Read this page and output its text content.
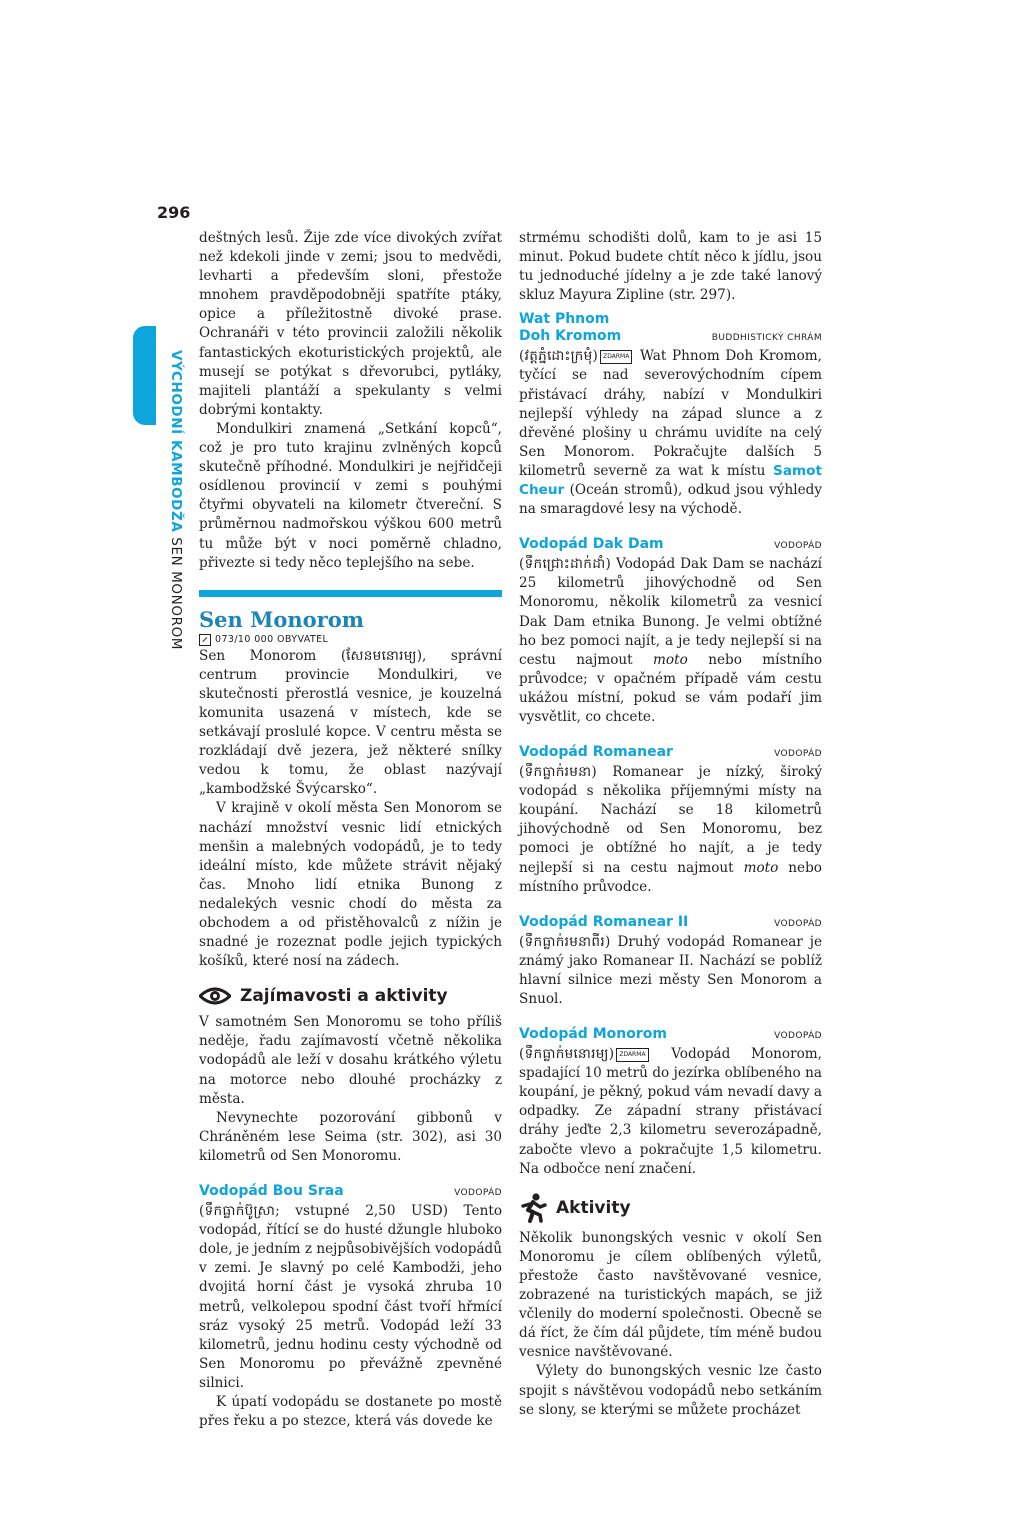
296
VÝCHODNÍ KAMBODŽA SEN MONOROM

deštných lesů. Žije zde více divokých zvířat než kdekoli jinde v zemi; jsou to medvědi, levharti a především sloni, přestože mnohem pravděpodobněji spatříte ptáky, opice a příležitostně divoké prase. Ochranáři v této provincii založili několik fantastických ekoturistických projektů, ale musejí se potýkat s dřevorubci, pytláky, majiteli plantáží a spekulanty s velmi dobrými kontakty.

Mondulkiri znamená „Setkání kopců“, což je pro tuto krajinu zvlněných kopců skutečně příhodné. Mondulkiri je nejřidčeji osídlenou provincií v zemi s pouhými čtyřmi obyvateli na kilometr čtvereční. S průměrnou nadmořskou výškou 600 metrů tu může být v noci poměrně chladno, přivezte si tedy něco teplejšího na sebe.

Sen Monorom
073/10 000 OBYVATEL

Sen Monorom (សែនមនោរម្យ), správní centrum provincie Mondulkiri, ve skutečnosti přerostlá vesnice, je kouzelná komunita usazená v místech, kde se setkávají proslulé kopce. V centru města se rozkládají dvě jezera, jež některé snílky vedou k tomu, že oblast nazývají „kambodžské Švýcarsko“.

V krajině v okolí města Sen Monorom se nachází množství vesnic lidí etnických menšin a malebných vodopádů, je to tedy ideální místo, kde můžete strávit nějaký čas. Mnoho lidí etnika Bunong z nedalekých vesnic chodí do města za obchodem a od přistěhovalců z nížin je snadné je rozeznat podle jejich typických košíků, které nosí na zádech.

Zajímavosti a aktivity

V samotném Sen Monoromu se toho příliš neděje, řadu zajímavostí včetně několika vodopádů ale leží v dosahu krátkého výletu na motorce nebo dlouhé procházky z města.

Nevynechte pozorování gibbonů v Chráněném lese Seima (str. 302), asi 30 kilometrů od Sen Monoromu.

Vodopád Bou Sraa	VODOPÁD

(ទឹកធ្លាក់ប៊ូស្រា; vstupné 2,50 USD) Tento vodopád, řítící se do husté džungle hluboko dole, je jedním z nejpůsobivějších vodopádů v zemi. Je slavný po celé Kambodži, jeho dvojitá horní část je vysoká zhruba 10 metrů, velkolepou spodní část tvoří hřmící sráz vysoký 25 metrů. Vodopád leží 33 kilometrů, jednu hodinu cesty východně od Sen Monoromu po převážně zpevněné silnici.

K úpatí vodopádu se dostanete po mostě přes řeku a po stezce, která vás dovede ke

strmému schodišti dolů, kam to je asi 15 minut. Pokud budete chtít něco k jídlu, jsou tu jednoduché jídelny a je zde také lanový skluz Mayura Zipline (str. 297).

Wat Phnom
Doh Kromom	BUDDHISTICKÝ CHRÁM

(វត្តភ្នំដោះក្រមុំ) ZDARMA Wat Phnom Doh Kromom, tyčící se nad severovýchodním cípem přistávací dráhy, nabízí v Mondulkiri nejlepší výhledy na západ slunce a z dřevěné plošiny u chrámu uvidíte na celý Sen Monorom. Pokračujte dalších 5 kilometrů severně za wat k místu Samot Cheur (Oceán stromů), odkud jsou výhledy na smaragdové lesy na východě.

Vodopád Dak Dam	VODOPÁD

(ទឹកជ្រោះដាក់ដាំ) Vodopád Dak Dam se nachází 25 kilometrů jihovýchodně od Sen Monoromu, několik kilometrů za vesnicí Dak Dam etnika Bunong. Je velmi obtížné ho bez pomoci najít, a je tedy nejlepší si na cestu najmout moto nebo místního průvodce; v opačném případě vám cestu ukážou místní, pokud se vám podaří jim vysvětlit, co chcete.

Vodopád Romanear	VODOPÁD

(ទឹកធ្លាក់រមនា) Romanear je nízký, široký vodopád s několika příjemnými místy na koupání. Nachází se 18 kilometrů jihovýchodně od Sen Monoromu, bez pomoci je obtížné ho najít, a je tedy nejlepší si na cestu najmout moto nebo místního průvodce.

Vodopád Romanear II	VODOPÁD

(ទឹកធ្លាក់រមនាពីរ) Druhý vodopád Romanear je známý jako Romanear II. Nachází se poblíž hlavní silnice mezi městy Sen Monorom a Snuol.

Vodopád Monorom	VODOPÁD

(ទឹកធ្លាក់មនោរម្យ) ZDARMA Vodopád Monorom, spadající 10 metrů do jezírka oblíbeného na koupání, je pěkný, pokud vám nevadí davy a odpadky. Ze západní strany přistávací dráhy jeďte 2,3 kilometru severozápadně, zabočte vlevo a pokračujte 1,5 kilometru. Na odbočce není značení.

Aktivity

Několik bunongských vesnic v okolí Sen Monoromu je cílem oblíbených výletů, přestože často navštěvované vesnice, zobrazené na turistických mapách, se již včlenily do moderní společnosti. Obecně se dá říct, že čím dál půjdete, tím méně budou vesnice navštěvované.

Výlety do bunongských vesnic lze často spojit s návštěvou vodopádů nebo setkáním se slony, se kterými se můžete procházet
